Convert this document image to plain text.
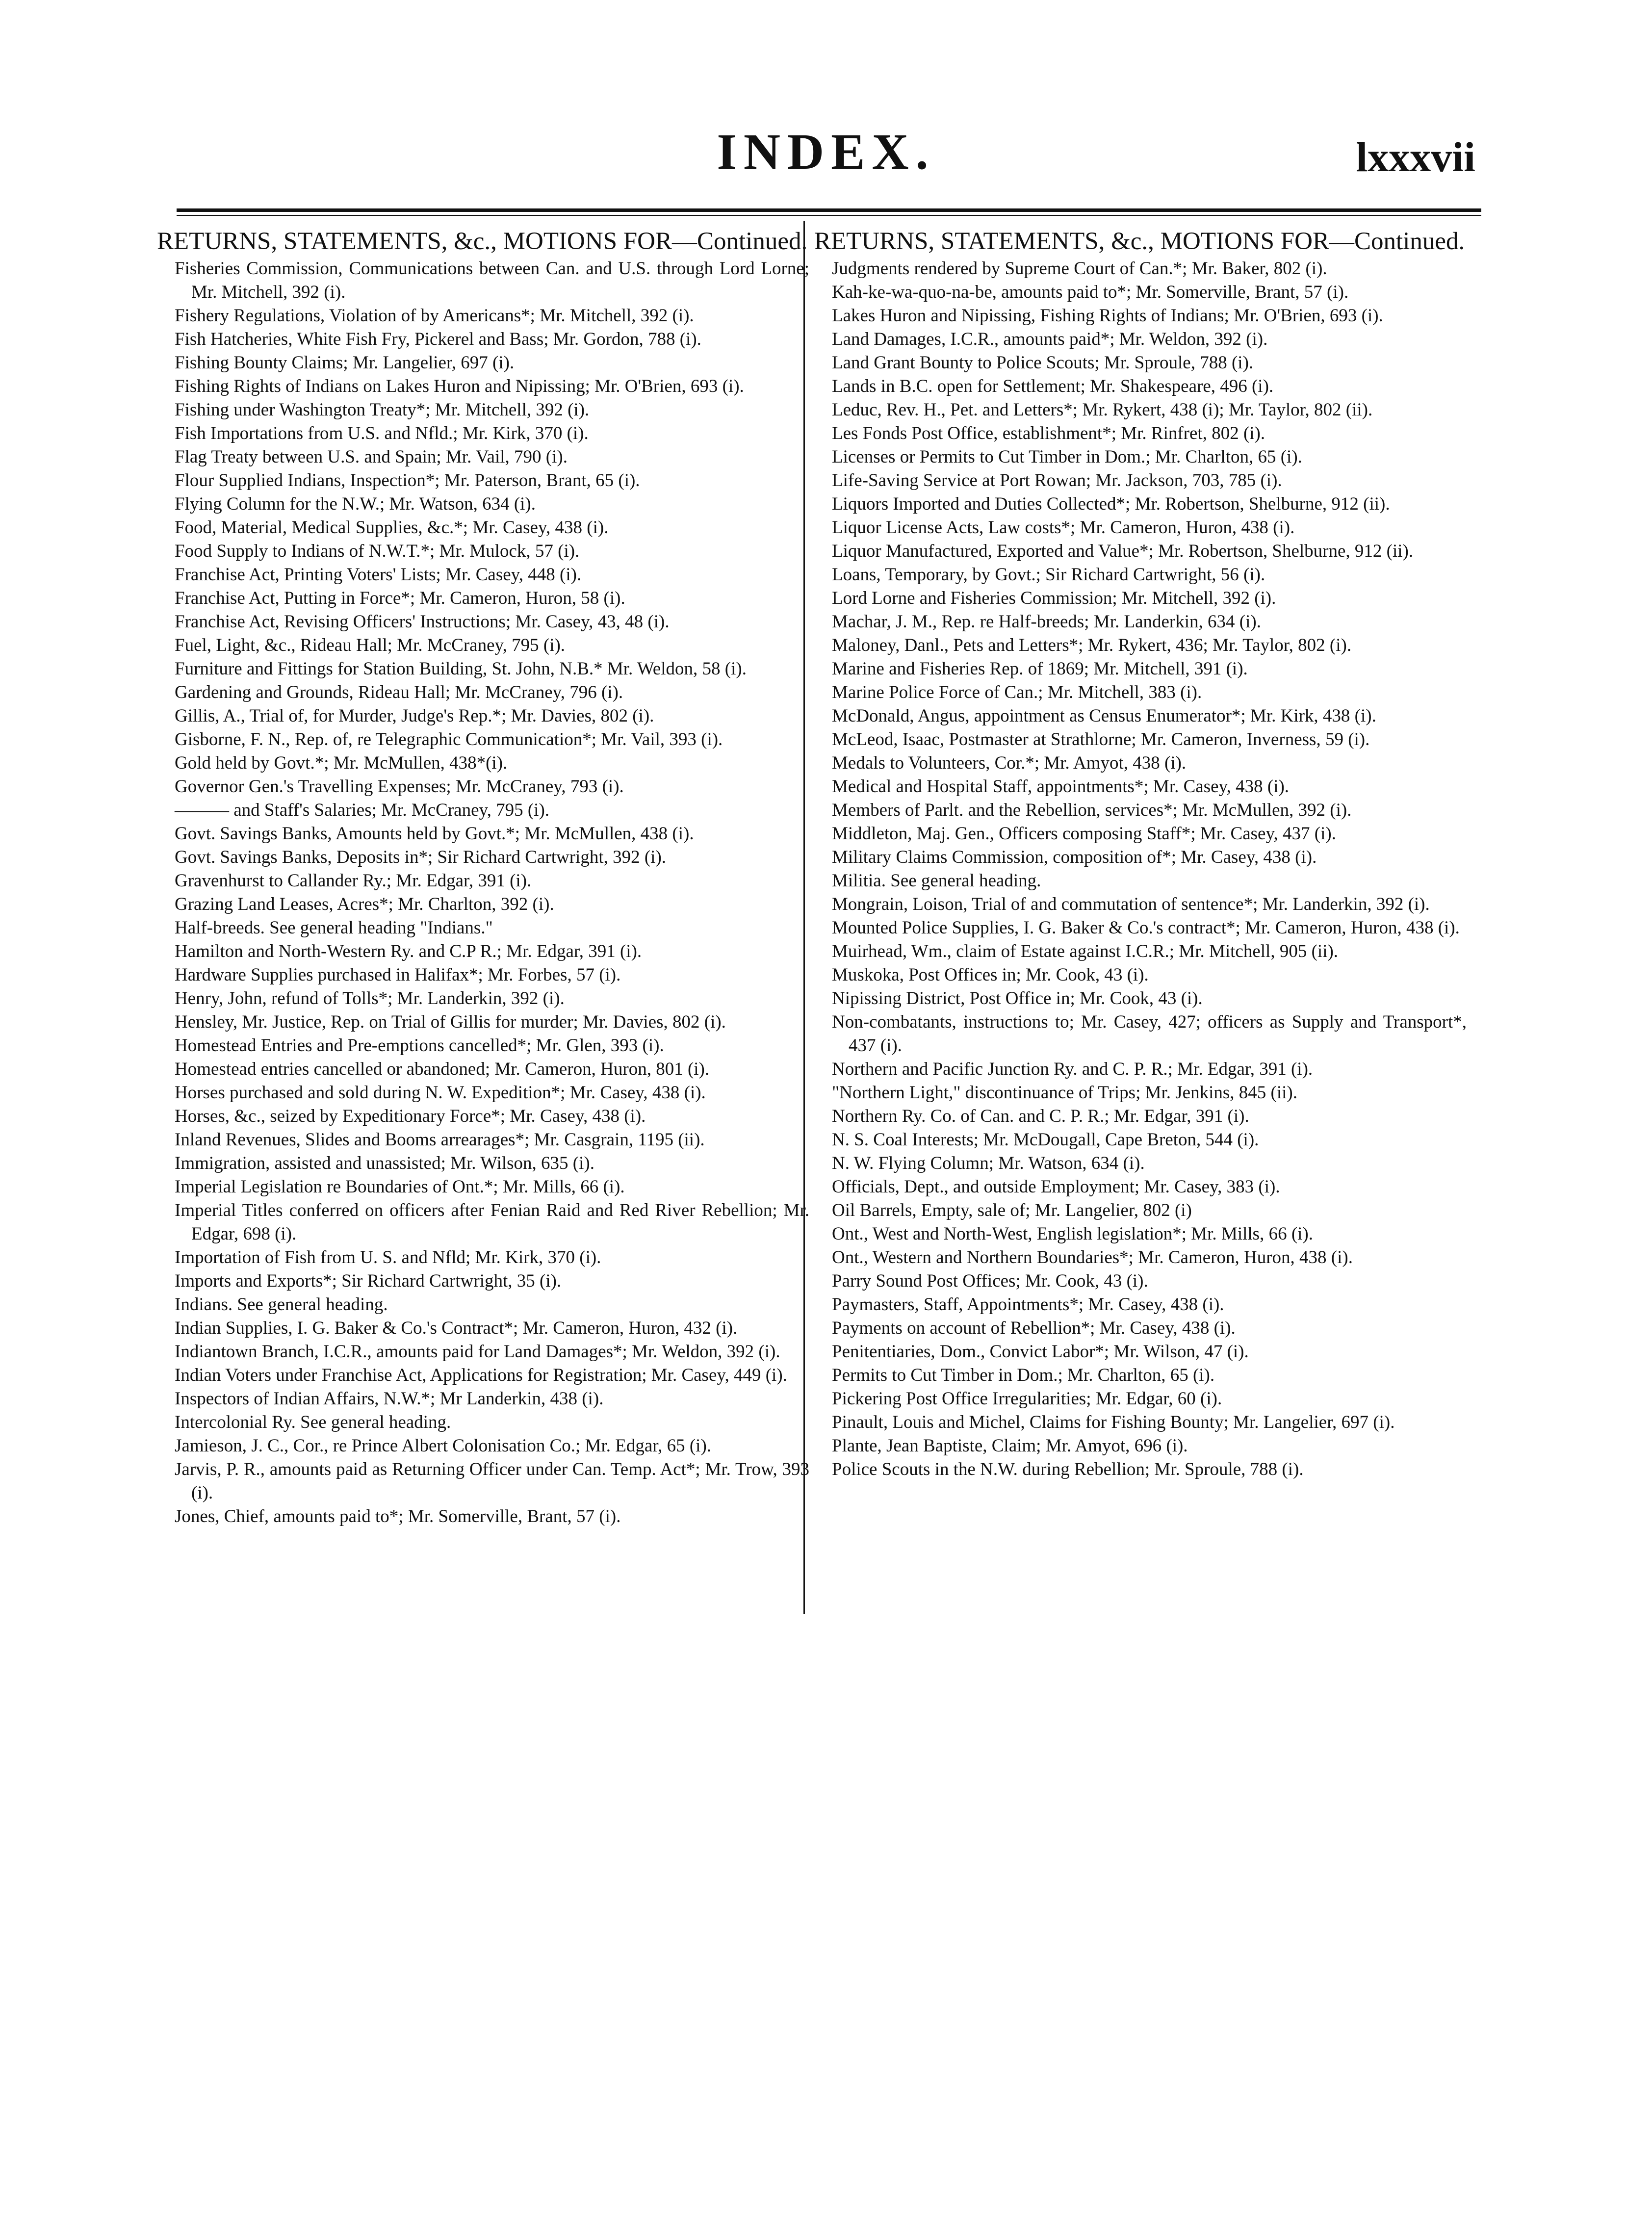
INDEX.	lxxxvii
RETURNS, STATEMENTS, &c., MOTIONS FOR—Continued.

Fisheries Commission, Communications between Can. and U.S. through Lord Lorne; Mr. Mitchell, 392 (i).

Fishery Regulations, Violation of by Americans*; Mr. Mitchell, 392 (i).

Fish Hatcheries, White Fish Fry, Pickerel and Bass; Mr. Gordon, 788 (i).

Fishing Bounty Claims; Mr. Langelier, 697 (i).

Fishing Rights of Indians on Lakes Huron and Nipissing; Mr. O'Brien, 693 (i).

Fishing under Washington Treaty*; Mr. Mitchell, 392 (i).

Fish Importations from U.S. and Nfld.; Mr. Kirk, 370 (i).

Flag Treaty between U.S. and Spain; Mr. Vail, 790 (i).

Flour Supplied Indians, Inspection*; Mr. Paterson, Brant, 65 (i).

Flying Column for the N.W.; Mr. Watson, 634 (i).

Food, Material, Medical Supplies, &c.*; Mr. Casey, 438 (i).

Food Supply to Indians of N.W.T.*; Mr. Mulock, 57 (i).

Franchise Act, Printing Voters' Lists; Mr. Casey, 448 (i).

Franchise Act, Putting in Force*; Mr. Cameron, Huron, 58 (i).

Franchise Act, Revising Officers' Instructions; Mr. Casey, 43, 48 (i).

Fuel, Light, &c., Rideau Hall; Mr. McCraney, 795 (i).

Furniture and Fittings for Station Building, St. John, N.B.* Mr. Weldon, 58 (i).

Gardening and Grounds, Rideau Hall; Mr. McCraney, 796 (i).

Gillis, A., Trial of, for Murder, Judge's Rep.*; Mr. Davies, 802 (i).

Gisborne, F. N., Rep. of, re Telegraphic Communication*; Mr. Vail, 393 (i).

Gold held by Govt.*; Mr. McMullen, 438*(i).

Governor Gen.'s Travelling Expenses; Mr. McCraney, 793 (i).

——— and Staff's Salaries; Mr. McCraney, 795 (i).

Govt. Savings Banks, Amounts held by Govt.*; Mr. McMullen, 438 (i).

Govt. Savings Banks, Deposits in*; Sir Richard Cartwright, 392 (i).

Gravenhurst to Callander Ry.; Mr. Edgar, 391 (i).

Grazing Land Leases, Acres*; Mr. Charlton, 392 (i).

Half-breeds. See general heading "Indians."

Hamilton and North-Western Ry. and C.P R.; Mr. Edgar, 391 (i).

Hardware Supplies purchased in Halifax*; Mr. Forbes, 57 (i).

Henry, John, refund of Tolls*; Mr. Landerkin, 392 (i).

Hensley, Mr. Justice, Rep. on Trial of Gillis for murder; Mr. Davies, 802 (i).

Homestead Entries and Pre-emptions cancelled*; Mr. Glen, 393 (i).

Homestead entries cancelled or abandoned; Mr. Cameron, Huron, 801 (i).

Horses purchased and sold during N. W. Expedition*; Mr. Casey, 438 (i).

Horses, &c., seized by Expeditionary Force*; Mr. Casey, 438 (i).

Inland Revenues, Slides and Booms arrearages*; Mr. Casgrain, 1195 (ii).

Immigration, assisted and unassisted; Mr. Wilson, 635 (i).

Imperial Legislation re Boundaries of Ont.*; Mr. Mills, 66 (i).

Imperial Titles conferred on officers after Fenian Raid and Red River Rebellion; Mr. Edgar, 698 (i).

Importation of Fish from U. S. and Nfld; Mr. Kirk, 370 (i).

Imports and Exports*; Sir Richard Cartwright, 35 (i).

Indians. See general heading.

Indian Supplies, I. G. Baker & Co.'s Contract*; Mr. Cameron, Huron, 432 (i).

Indiantown Branch, I.C.R., amounts paid for Land Damages*; Mr. Weldon, 392 (i).

Indian Voters under Franchise Act, Applications for Registration; Mr. Casey, 449 (i).

Inspectors of Indian Affairs, N.W.*; Mr Landerkin, 438 (i).

Intercolonial Ry. See general heading.

Jamieson, J. C., Cor., re Prince Albert Colonisation Co.; Mr. Edgar, 65 (i).

Jarvis, P. R., amounts paid as Returning Officer under Can. Temp. Act*; Mr. Trow, 393 (i).

Jones, Chief, amounts paid to*; Mr. Somerville, Brant, 57 (i).

RETURNS, STATEMENTS, &c., MOTIONS FOR—Continued.

Judgments rendered by Supreme Court of Can.*; Mr. Baker, 802 (i).

Kah-ke-wa-quo-na-be, amounts paid to*; Mr. Somerville, Brant, 57 (i).

Lakes Huron and Nipissing, Fishing Rights of Indians; Mr. O'Brien, 693 (i).

Land Damages, I.C.R., amounts paid*; Mr. Weldon, 392 (i).

Land Grant Bounty to Police Scouts; Mr. Sproule, 788 (i).

Lands in B.C. open for Settlement; Mr. Shakespeare, 496 (i).

Leduc, Rev. H., Pet. and Letters*; Mr. Rykert, 438 (i); Mr. Taylor, 802 (ii).

Les Fonds Post Office, establishment*; Mr. Rinfret, 802 (i).

Licenses or Permits to Cut Timber in Dom.; Mr. Charlton, 65 (i).

Life-Saving Service at Port Rowan; Mr. Jackson, 703, 785 (i).

Liquors Imported and Duties Collected*; Mr. Robertson, Shelburne, 912 (ii).

Liquor License Acts, Law costs*; Mr. Cameron, Huron, 438 (i).

Liquor Manufactured, Exported and Value*; Mr. Robertson, Shelburne, 912 (ii).

Loans, Temporary, by Govt.; Sir Richard Cartwright, 56 (i).

Lord Lorne and Fisheries Commission; Mr. Mitchell, 392 (i).

Machar, J. M., Rep. re Half-breeds; Mr. Landerkin, 634 (i).

Maloney, Danl., Pets and Letters*; Mr. Rykert, 436; Mr. Taylor, 802 (i).

Marine and Fisheries Rep. of 1869; Mr. Mitchell, 391 (i).

Marine Police Force of Can.; Mr. Mitchell, 383 (i).

McDonald, Angus, appointment as Census Enumerator*; Mr. Kirk, 438 (i).

McLeod, Isaac, Postmaster at Strathlorne; Mr. Cameron, Inverness, 59 (i).

Medals to Volunteers, Cor.*; Mr. Amyot, 438 (i).

Medical and Hospital Staff, appointments*; Mr. Casey, 438 (i).

Members of Parlt. and the Rebellion, services*; Mr. McMullen, 392 (i).

Middleton, Maj. Gen., Officers composing Staff*; Mr. Casey, 437 (i).

Military Claims Commission, composition of*; Mr. Casey, 438 (i).

Militia. See general heading.

Mongrain, Loison, Trial of and commutation of sentence*; Mr. Landerkin, 392 (i).

Mounted Police Supplies, I. G. Baker & Co.'s contract*; Mr. Cameron, Huron, 438 (i).

Muirhead, Wm., claim of Estate against I.C.R.; Mr. Mitchell, 905 (ii).

Muskoka, Post Offices in; Mr. Cook, 43 (i).

Nipissing District, Post Office in; Mr. Cook, 43 (i).

Non-combatants, instructions to; Mr. Casey, 427; officers as Supply and Transport*, 437 (i).

Northern and Pacific Junction Ry. and C. P. R.; Mr. Edgar, 391 (i).

"Northern Light," discontinuance of Trips; Mr. Jenkins, 845 (ii).

Northern Ry. Co. of Can. and C. P. R.; Mr. Edgar, 391 (i).

N. S. Coal Interests; Mr. McDougall, Cape Breton, 544 (i).

N. W. Flying Column; Mr. Watson, 634 (i).

Officials, Dept., and outside Employment; Mr. Casey, 383 (i).

Oil Barrels, Empty, sale of; Mr. Langelier, 802 (i)

Ont., West and North-West, English legislation*; Mr. Mills, 66 (i).

Ont., Western and Northern Boundaries*; Mr. Cameron, Huron, 438 (i).

Parry Sound Post Offices; Mr. Cook, 43 (i).

Paymasters, Staff, Appointments*; Mr. Casey, 438 (i).

Payments on account of Rebellion*; Mr. Casey, 438 (i).

Penitentiaries, Dom., Convict Labor*; Mr. Wilson, 47 (i).

Permits to Cut Timber in Dom.; Mr. Charlton, 65 (i).

Pickering Post Office Irregularities; Mr. Edgar, 60 (i).

Pinault, Louis and Michel, Claims for Fishing Bounty; Mr. Langelier, 697 (i).

Plante, Jean Baptiste, Claim; Mr. Amyot, 696 (i).

Police Scouts in the N.W. during Rebellion; Mr. Sproule, 788 (i).
